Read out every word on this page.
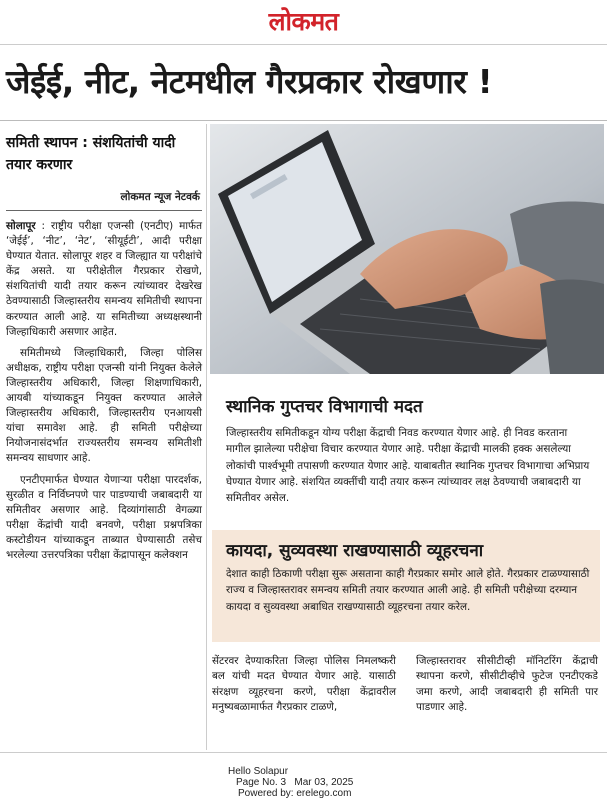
लोकमत
जेईई, नीट, नेटमधील गैरप्रकार रोखणार !
समिती स्थापन : संशयितांची यादी तयार करणार
लोकमत न्यूज नेटवर्क

सोलापूर : राष्ट्रीय परीक्षा एजन्सी (एनटीए) मार्फत ‘जेईई’, ‘नीट’, ‘नेट’, ‘सीयूईटी’, आदी परीक्षा घेण्यात येतात. सोलापूर शहर व जिल्ह्यात या परीक्षांचे केंद्र असते. या परीक्षेतील गैरप्रकार रोखणे, संशयितांची यादी तयार करून त्यांच्यावर देखरेख ठेवण्यासाठी जिल्हास्तरीय समन्वय समितीची स्थापना करण्यात आली आहे. या समितीच्या अध्यक्षस्थानी जिल्हाधिकारी असणार आहेत.

समितीमध्ये जिल्हाधिकारी, जिल्हा पोलिस अधीक्षक, राष्ट्रीय परीक्षा एजन्सी यांनी नियुक्त केलेले जिल्हास्तरीय अधिकारी, जिल्हा शिक्षणाधिकारी, आयबी यांच्याकडून नियुक्त करण्यात आलेले जिल्हास्तरीय अधिकारी, जिल्हास्तरीय एनआयसी यांचा समावेश आहे. ही समिती परीक्षेच्या नियोजनासंदर्भात राज्यस्तरीय समन्वय समितीशी समन्वय साधणार आहे.

एनटीएमार्फत घेण्यात येणाऱ्या परीक्षा पारदर्शक, सुरळीत व निर्विघ्नपणे पार पाडण्याची जबाबदारी या समितीवर असणार आहे. दिव्यांगांसाठी वेगळ्या परीक्षा केंद्रांची यादी बनवणे, परीक्षा प्रश्नपत्रिका कस्टोडीयन यांच्याकडून ताब्यात घेण्यासाठी तसेच भरलेल्या उत्तरपत्रिका परीक्षा केंद्रापासून कलेक्शन

स्थानिक गुप्तचर विभागाची मदत
जिल्हास्तरीय समितीकडून योग्य परीक्षा केंद्राची निवड करण्यात येणार आहे. ही निवड करताना मागील झालेल्या परीक्षेचा विचार करण्यात येणार आहे. परीक्षा केंद्राची मालकी हक्क असलेल्या लोकांची पार्श्वभूमी तपासणी करण्यात येणार आहे. याबाबतीत स्थानिक गुप्तचर विभागाचा अभिप्राय घेण्यात येणार आहे. संशयित व्यक्तींची यादी तयार करून त्यांच्यावर लक्ष ठेवण्याची जबाबदारी या समितीवर असेल.
कायदा, सुव्यवस्था राखण्यासाठी व्यूहरचना
देशात काही ठिकाणी परीक्षा सुरू असताना काही गैरप्रकार समोर आले होते. गैरप्रकार टाळण्यासाठी राज्य व जिल्हास्तरावर समन्वय समिती तयार करण्यात आली आहे. ही समिती परीक्षेच्या दरम्यान कायदा व सुव्यवस्था अबाधित राखण्यासाठी व्यूहरचना तयार करेल.

सेंटरवर देण्याकरिता जिल्हा पोलिस निमलष्करी बल यांची मदत घेण्यात येणार आहे. यासाठी संरक्षण व्यूहरचना करणे, परीक्षा केंद्रावरील मनुष्यबळामार्फत गैरप्रकार टाळणे,

जिल्हास्तरावर सीसीटीव्ही मॉनिटरिंग केंद्राची स्थापना करणे, सीसीटीव्हीचे फुटेज एनटीएकडे जमा करणे, आदी जबाबदारी ही समिती पार पाडणार आहे.

Hello Solapur
Page No. 3 Mar 03, 2025
Powered by: erelego.com
